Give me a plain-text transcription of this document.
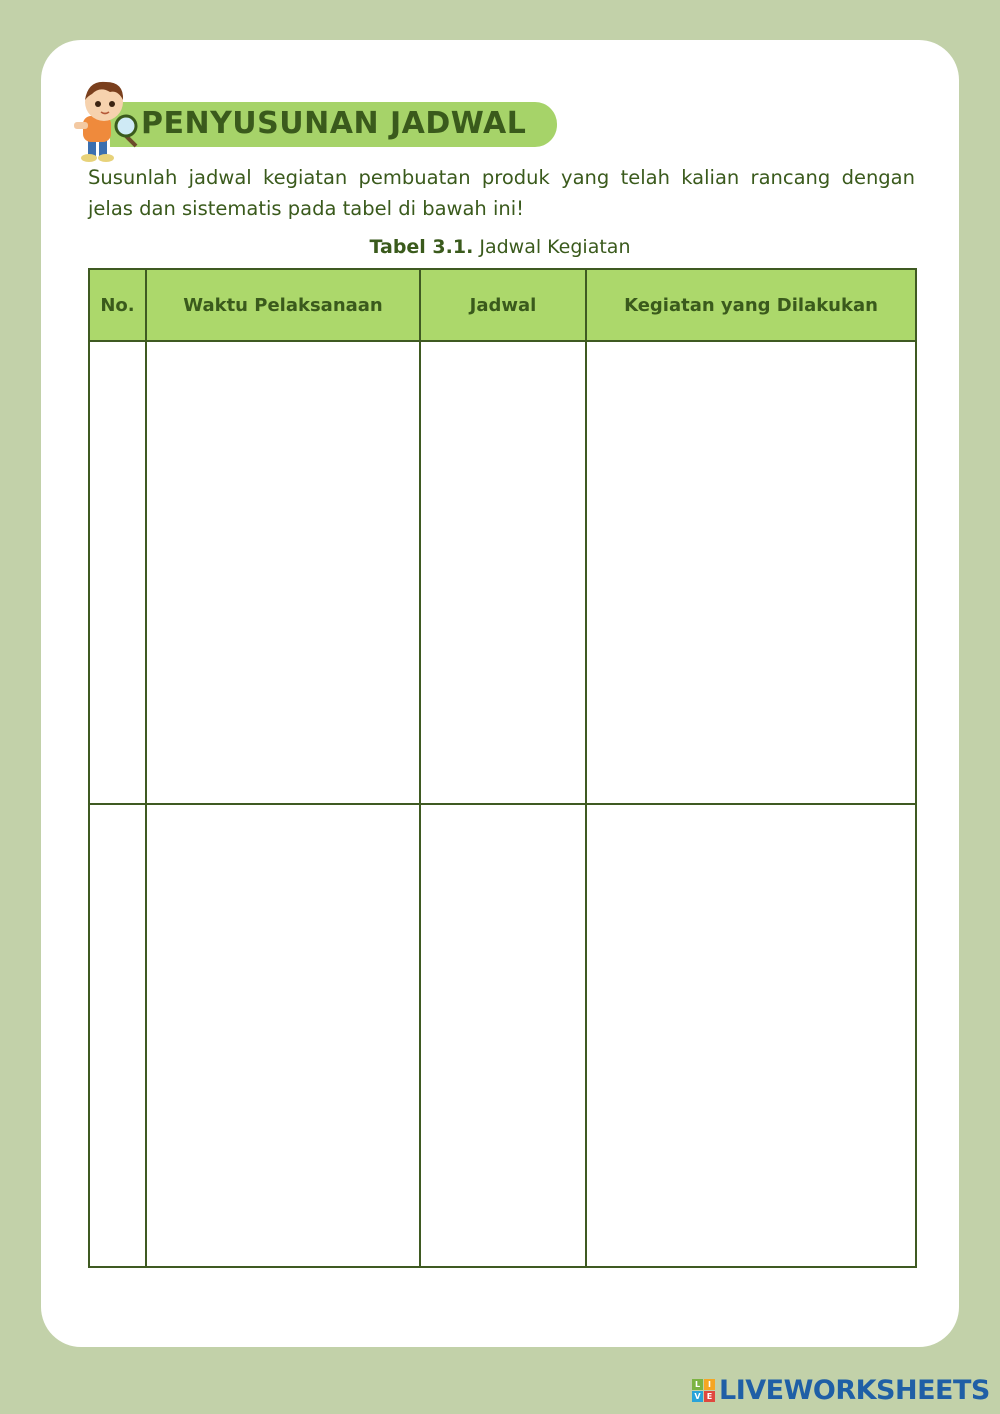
PENYUSUNAN JADWAL

Susunlah jadwal kegiatan pembuatan produk yang telah kalian rancang dengan jelas dan sistematis pada tabel di bawah ini!

Tabel 3.1. Jadwal Kegiatan
No.	Waktu Pelaksanaan	Jadwal	Kegiatan yang Dilakukan

L I
V E LIVEWORKSHEETS
